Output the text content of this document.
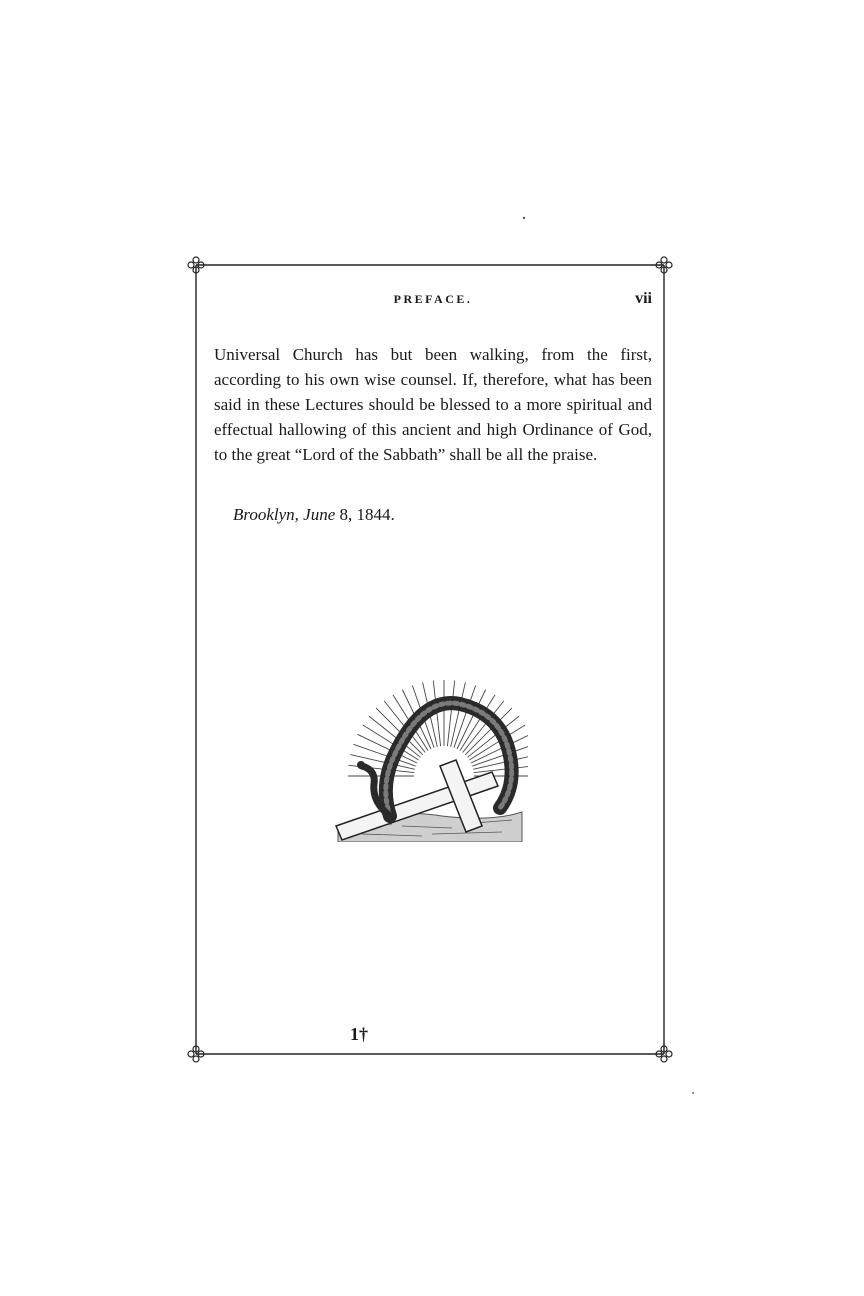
PREFACE.	vii

Universal Church has but been walking, from the first, according to his own wise counsel. If, therefore, what has been said in these Lectures should be blessed to a more spiritual and effectual hallowing of this ancient and high Ordinance of God, to the great “Lord of the Sabbath” shall be all the praise.

Brooklyn, June 8, 1844.
1†
